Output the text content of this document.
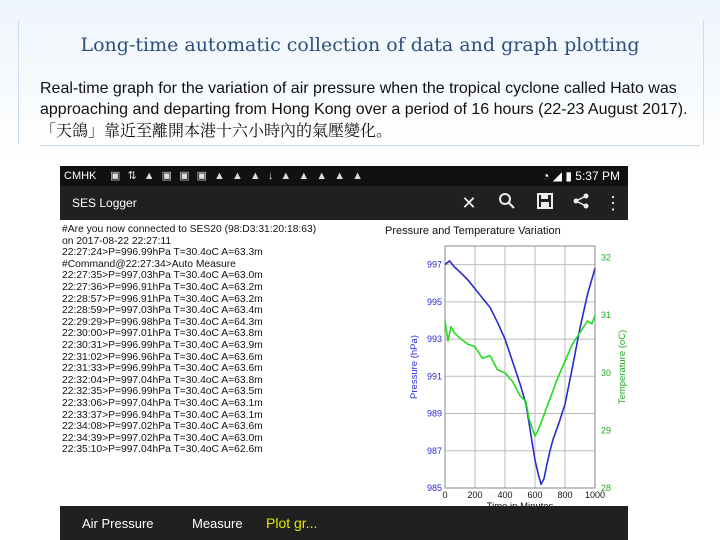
Long-time automatic collection of data and graph plotting
Real-time graph for the variation of air pressure when the tropical cyclone called Hato was approaching and departing from Hong Kong over a period of 16 hours (22-23 August 2017). 「天鴿」靠近至離開本港十六小時內的氣壓變化。
CMHK ▣ ⇅ ▲ ▣ ▣ ▣ ▲ ▲ ▲ ↓ ▲ ▲ ▲ ▲ ▲	◔ ◢ ▮ 5:37 PM
SES Logger	✕	⋮
#Are you now connected to SES20 (98:D3:31:20:18:63)
on 2017-08-22 22:27:11
22:27:24>P=996.99hPa T=30.4oC A=63.3m
#Command@22:27:34>Auto Measure
22:27:35>P=997.03hPa T=30.4oC A=63.0m
22:27:36>P=996.91hPa T=30.4oC A=63.2m
22:28:57>P=996.91hPa T=30.4oC A=63.2m
22:28:59>P=997.03hPa T=30.4oC A=63.4m
22:29:29>P=996.98hPa T=30.4oC A=64.3m
22:30:00>P=997.01hPa T=30.4oC A=63.8m
22:30:31>P=996.99hPa T=30.4oC A=63.9m
22:31:02>P=996.96hPa T=30.4oC A=63.6m
22:31:33>P=996.99hPa T=30.4oC A=63.6m
22:32:04>P=997.04hPa T=30.4oC A=63.8m
22:32:35>P=996.99hPa T=30.4oC A=63.5m
22:33:06>P=997.04hPa T=30.4oC A=63.1m
22:33:37>P=996.94hPa T=30.4oC A=63.1m
22:34:08>P=997.02hPa T=30.4oC A=63.6m
22:34:39>P=997.02hPa T=30.4oC A=63.0m
22:35:10>P=997.04hPa T=30.4oC A=62.6m
Pressure and Temperature Variation
0 200 400 600 800 1000
985
987
989
991
993
995
997
28
29
30
31
32
Pressure (hPa)	Temperature (oC)
Air Pressure	Measure Plot gr...
